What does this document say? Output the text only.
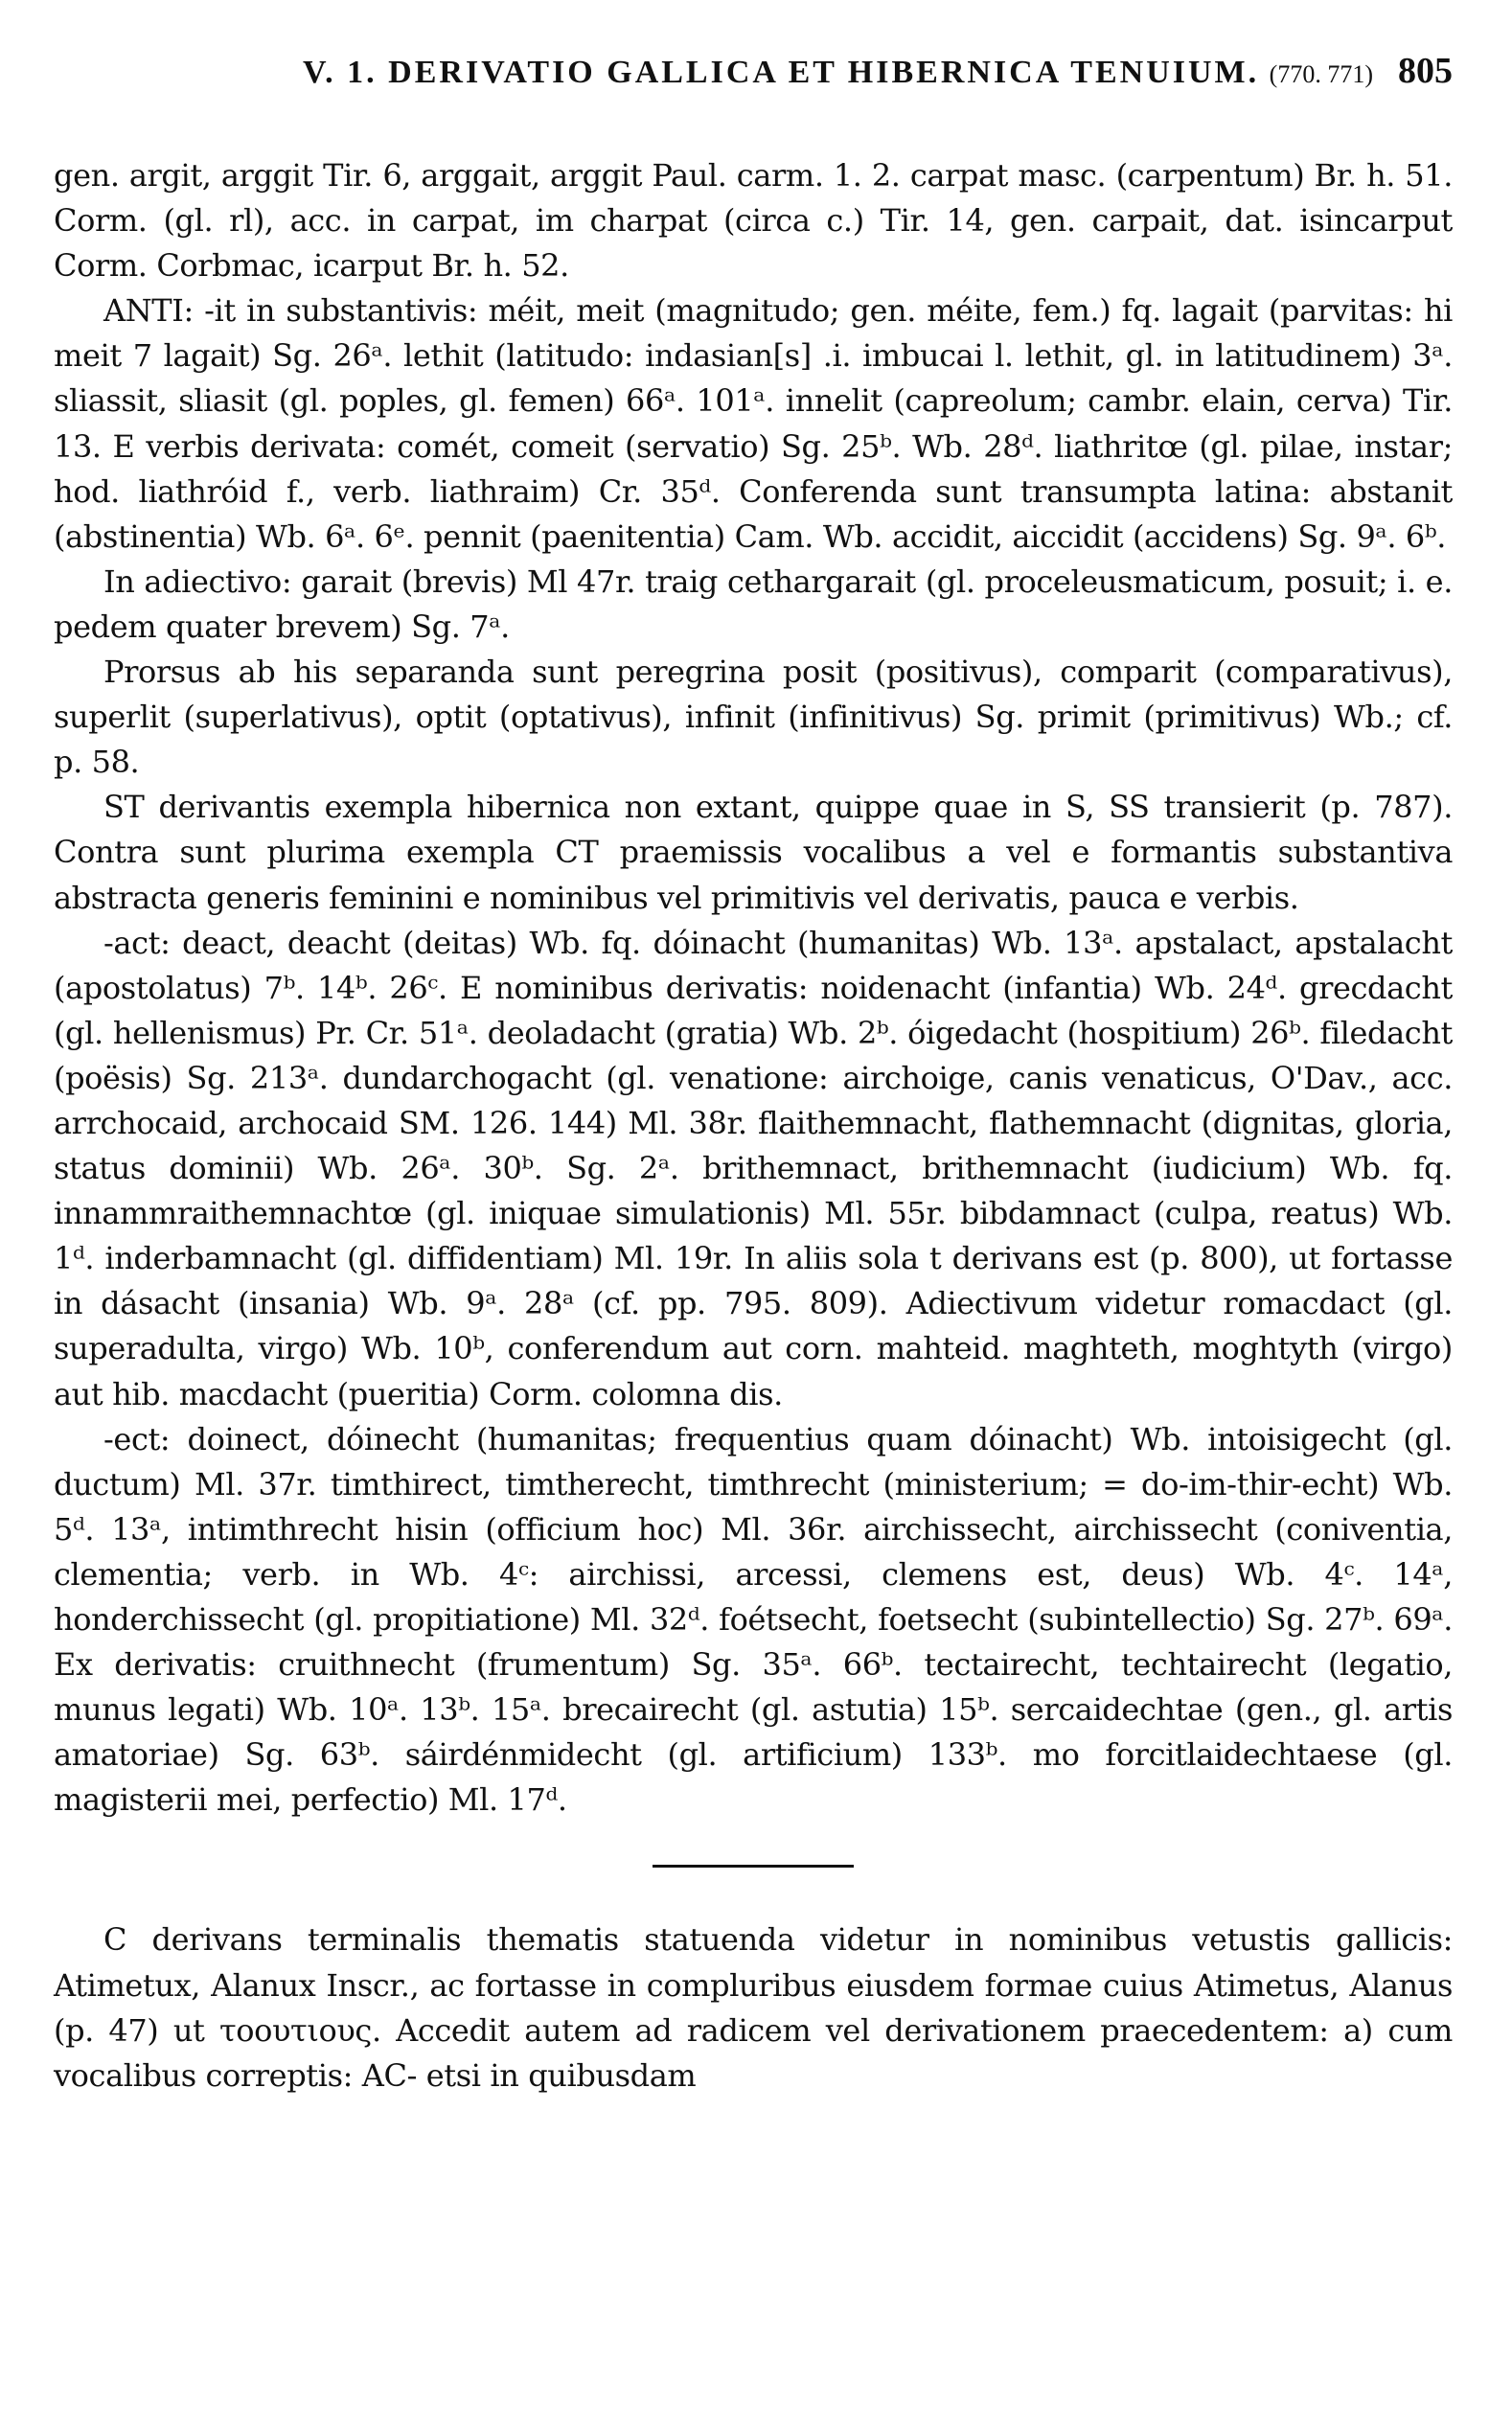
V. 1. DERIVATIO GALLICA ET HIBERNICA TENUIUM. (770. 771) 805

gen. argit, arggit Tir. 6, arggait, arggit Paul. carm. 1. 2. carpat masc. (carpentum) Br. h. 51. Corm. (gl. rl), acc. in carpat, im charpat (circa c.) Tir. 14, gen. carpait, dat. isincarput Corm. Corbmac, icarput Br. h. 52.

ANTI: -it in substantivis: méit, meit (magnitudo; gen. méite, fem.) fq. lagait (parvitas: hi meit 7 lagait) Sg. 26ᵃ. lethit (latitudo: indasian[s] .i. imbucai l. lethit, gl. in latitudinem) 3ᵃ. sliassit, sliasit (gl. poples, gl. femen) 66ᵃ. 101ᵃ. innelit (capreolum; cambr. elain, cerva) Tir. 13. E verbis derivata: comét, comeit (servatio) Sg. 25ᵇ. Wb. 28ᵈ. liathritœ (gl. pilae, instar; hod. liathróid f., verb. liathraim) Cr. 35ᵈ. Conferenda sunt transumpta latina: abstanit (abstinentia) Wb. 6ᵃ. 6ᵉ. pennit (paenitentia) Cam. Wb. accidit, aiccidit (accidens) Sg. 9ᵃ. 6ᵇ.

In adiectivo: garait (brevis) Ml 47r. traig cethargarait (gl. proceleusmaticum, posuit; i. e. pedem quater brevem) Sg. 7ᵃ.

Prorsus ab his separanda sunt peregrina posit (positivus), comparit (comparativus), superlit (superlativus), optit (optativus), infinit (infinitivus) Sg. primit (primitivus) Wb.; cf. p. 58.

ST derivantis exempla hibernica non extant, quippe quae in S, SS transierit (p. 787). Contra sunt plurima exempla CT praemissis vocalibus a vel e formantis substantiva abstracta generis feminini e nominibus vel primitivis vel derivatis, pauca e verbis.

-act: deact, deacht (deitas) Wb. fq. dóinacht (humanitas) Wb. 13ᵃ. apstalact, apstalacht (apostolatus) 7ᵇ. 14ᵇ. 26ᶜ. E nominibus derivatis: noidenacht (infantia) Wb. 24ᵈ. grecdacht (gl. hellenismus) Pr. Cr. 51ᵃ. deoladacht (gratia) Wb. 2ᵇ. óigedacht (hospitium) 26ᵇ. filedacht (poësis) Sg. 213ᵃ. dundarchogacht (gl. venatione: airchoige, canis venaticus, O'Dav., acc. arrchocaid, archocaid SM. 126. 144) Ml. 38r. flaithemnacht, flathemnacht (dignitas, gloria, status dominii) Wb. 26ᵃ. 30ᵇ. Sg. 2ᵃ. brithemnact, brithemnacht (iudicium) Wb. fq. innammraithemnachtœ (gl. iniquae simulationis) Ml. 55r. bibdamnact (culpa, reatus) Wb. 1ᵈ. inderbamnacht (gl. diffidentiam) Ml. 19r. In aliis sola t derivans est (p. 800), ut fortasse in dásacht (insania) Wb. 9ᵃ. 28ᵃ (cf. pp. 795. 809). Adiectivum videtur romacdact (gl. superadulta, virgo) Wb. 10ᵇ, conferendum aut corn. mahteid. maghteth, moghtyth (virgo) aut hib. macdacht (pueritia) Corm. colomna dis.

-ect: doinect, dóinecht (humanitas; frequentius quam dóinacht) Wb. intoisigecht (gl. ductum) Ml. 37r. timthirect, timtherecht, timthrecht (ministerium; = do-im-thir-echt) Wb. 5ᵈ. 13ᵃ, intimthrecht hisin (officium hoc) Ml. 36r. airchissecht, airchissecht (coniventia, clementia; verb. in Wb. 4ᶜ: airchissi, arcessi, clemens est, deus) Wb. 4ᶜ. 14ᵃ, honderchissecht (gl. propitiatione) Ml. 32ᵈ. foétsecht, foetsecht (subintellectio) Sg. 27ᵇ. 69ᵃ. Ex derivatis: cruithnecht (frumentum) Sg. 35ᵃ. 66ᵇ. tectairecht, techtairecht (legatio, munus legati) Wb. 10ᵃ. 13ᵇ. 15ᵃ. brecairecht (gl. astutia) 15ᵇ. sercaidechtae (gen., gl. artis amatoriae) Sg. 63ᵇ. sáirdénmidecht (gl. artificium) 133ᵇ. mo forcitlaidechtaese (gl. magisterii mei, perfectio) Ml. 17ᵈ.

C derivans terminalis thematis statuenda videtur in nominibus vetustis gallicis: Atimetux, Alanux Inscr., ac fortasse in compluribus eiusdem formae cuius Atimetus, Alanus (p. 47) ut τοουτιους. Accedit autem ad radicem vel derivationem praecedentem: a) cum vocalibus correptis: AC- etsi in quibusdam
